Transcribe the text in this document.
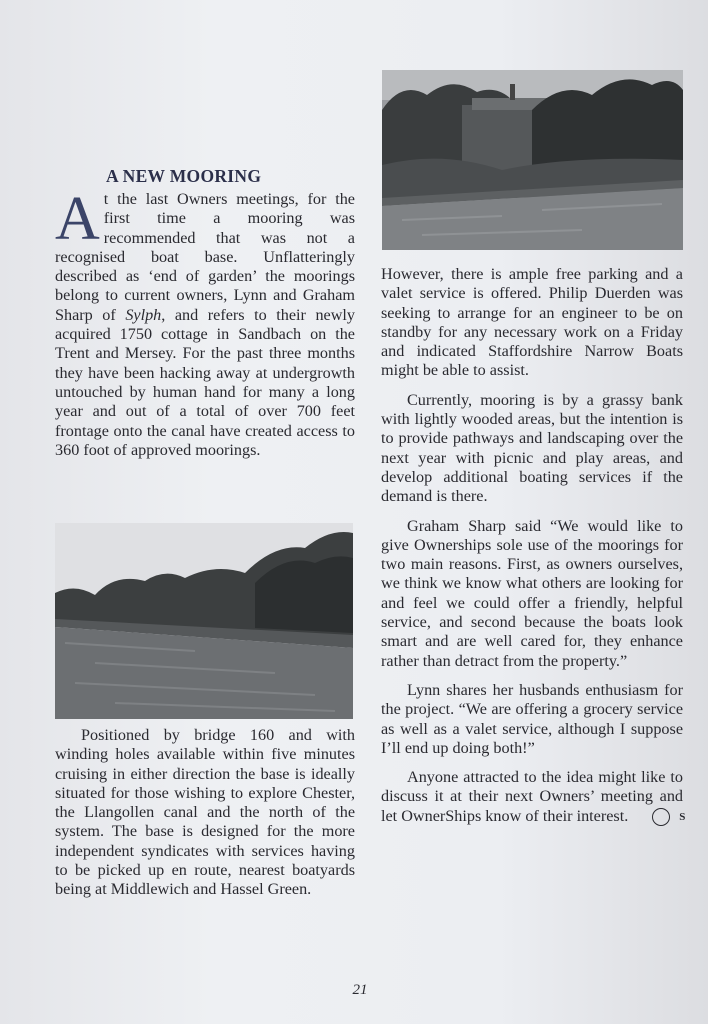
A NEW MOORING
At the last Owners meetings, for the first time a mooring was recommended that was not a recognised boat base. Unflatteringly described as ‘end of garden’ the moorings belong to current owners, Lynn and Graham Sharp of Sylph, and refers to their newly acquired 1750 cottage in Sandbach on the Trent and Mersey. For the past three months they have been hacking away at undergrowth untouched by human hand for many a long year and out of a total of over 700 feet frontage onto the canal have created access to 360 foot of approved moorings.
Positioned by bridge 160 and with winding holes available within five minutes cruising in either direction the base is ideally situated for those wishing to explore Chester, the Llangollen canal and the north of the system. The base is designed for the more independent syndicates with services having to be picked up en route, nearest boatyards being at Middlewich and Hassel Green.

However, there is ample free parking and a valet service is offered. Philip Duerden was seeking to arrange for an engineer to be on standby for any necessary work on a Friday and indicated Staffordshire Narrow Boats might be able to assist.

Currently, mooring is by a grassy bank with lightly wooded areas, but the intention is to provide pathways and landscaping over the next year with picnic and play areas, and develop additional boating services if the demand is there.

Graham Sharp said “We would like to give Ownerships sole use of the moorings for two main reasons. First, as owners ourselves, we think we know what others are looking for and feel we could offer a friendly, helpful service, and second because the boats look smart and are well cared for, they enhance rather than detract from the property.”

Lynn shares her husbands enthusiasm for the project. “We are offering a grocery service as well as a valet service, although I suppose I’ll end up doing both!”

Anyone attracted to the idea might like to discuss it at their next Owners’ meeting and let OwnerShips know of their interest.	S

21
